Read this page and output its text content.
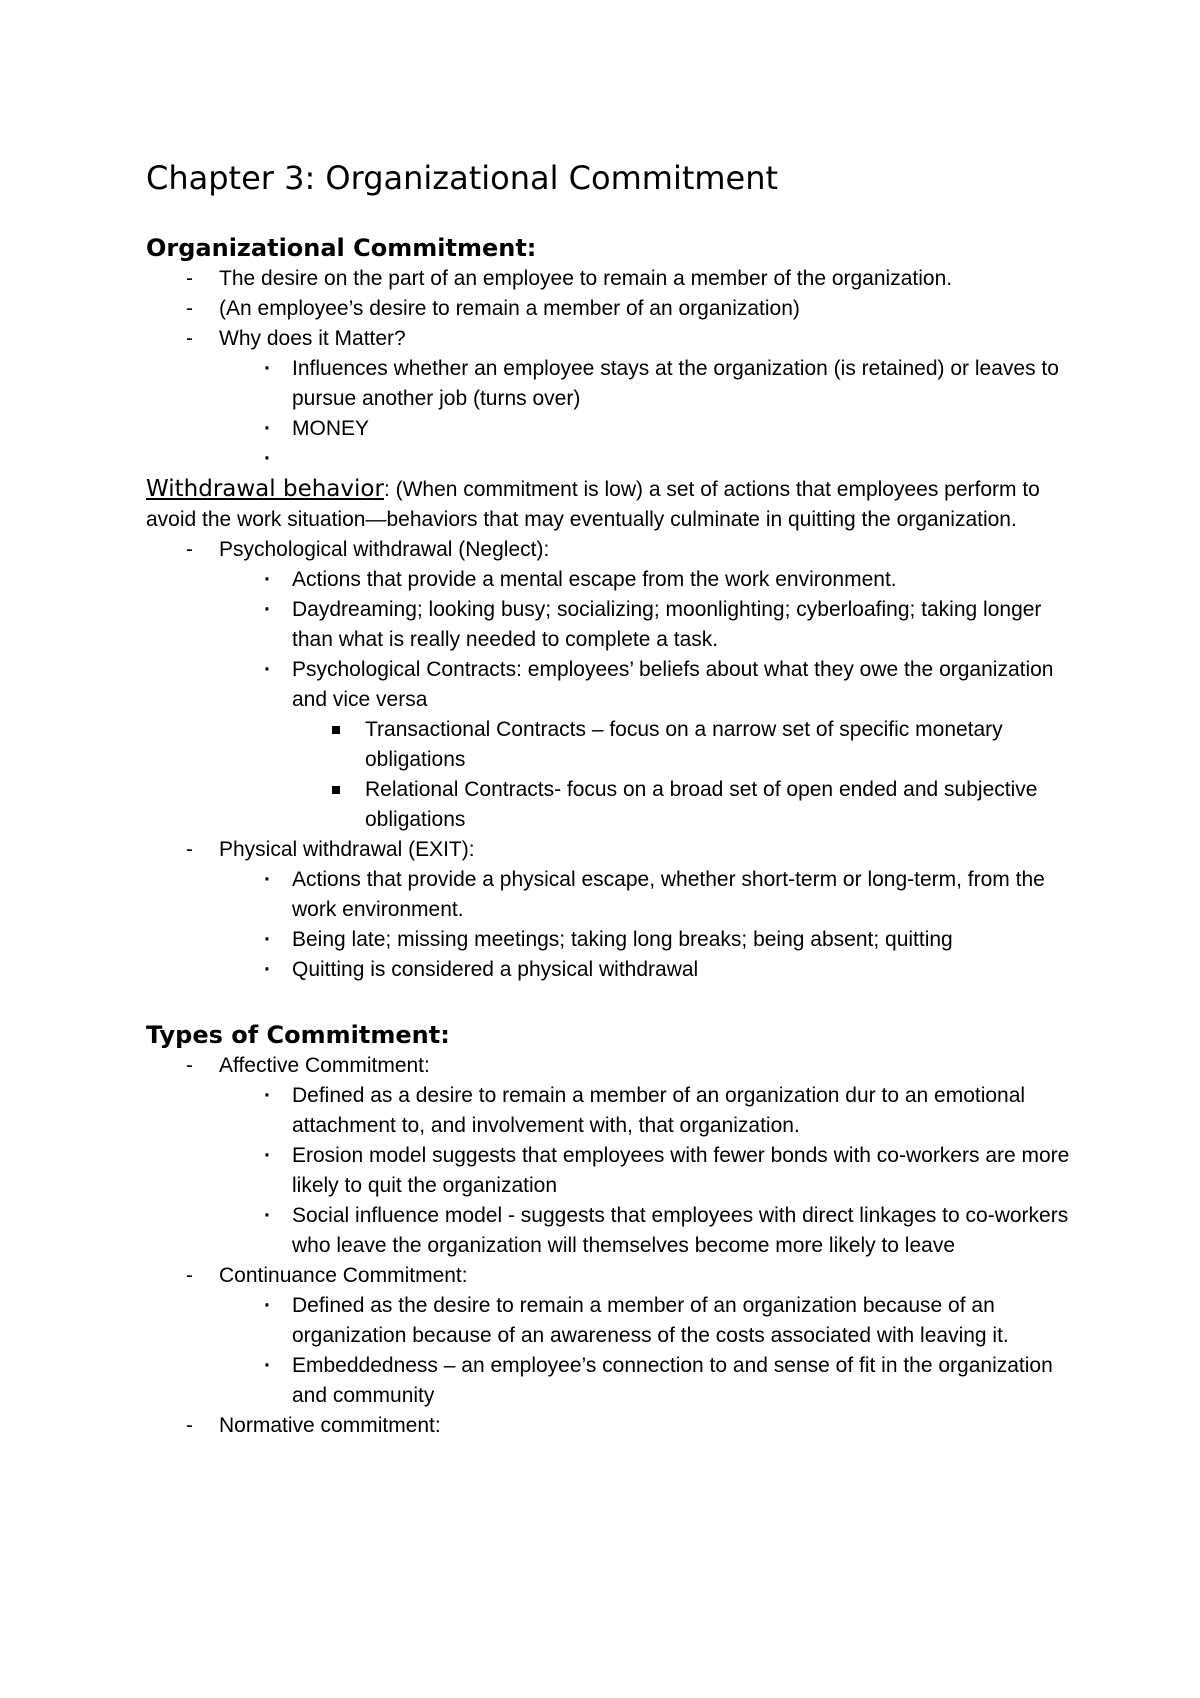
Chapter 3: Organizational Commitment
Organizational Commitment:
- The desire on the part of an employee to remain a member of the organization.
- (An employee’s desire to remain a member of an organization)
- Why does it Matter?
· Influences whether an employee stays at the organization (is retained) or leaves to pursue another job (turns over)
· MONEY
·

Withdrawal behavior: (When commitment is low) a set of actions that employees perform to avoid the work situation—behaviors that may eventually culminate in quitting the organization.

- Psychological withdrawal (Neglect):
· Actions that provide a mental escape from the work environment.
· Daydreaming; looking busy; socializing; moonlighting; cyberloafing; taking longer than what is really needed to complete a task.
· Psychological Contracts: employees’ beliefs about what they owe the organization and vice versa
Transactional Contracts – focus on a narrow set of specific monetary obligations
Relational Contracts- focus on a broad set of open ended and subjective obligations
- Physical withdrawal (EXIT):
· Actions that provide a physical escape, whether short-term or long-term, from the work environment.
· Being late; missing meetings; taking long breaks; being absent; quitting
· Quitting is considered a physical withdrawal
Types of Commitment:
- Affective Commitment:
· Defined as a desire to remain a member of an organization dur to an emotional attachment to, and involvement with, that organization.
· Erosion model suggests that employees with fewer bonds with co-workers are more likely to quit the organization
· Social influence model - suggests that employees with direct linkages to co-workers who leave the organization will themselves become more likely to leave
- Continuance Commitment:
· Defined as the desire to remain a member of an organization because of an organization because of an awareness of the costs associated with leaving it.
· Embeddedness – an employee’s connection to and sense of fit in the organization and community
- Normative commitment:
